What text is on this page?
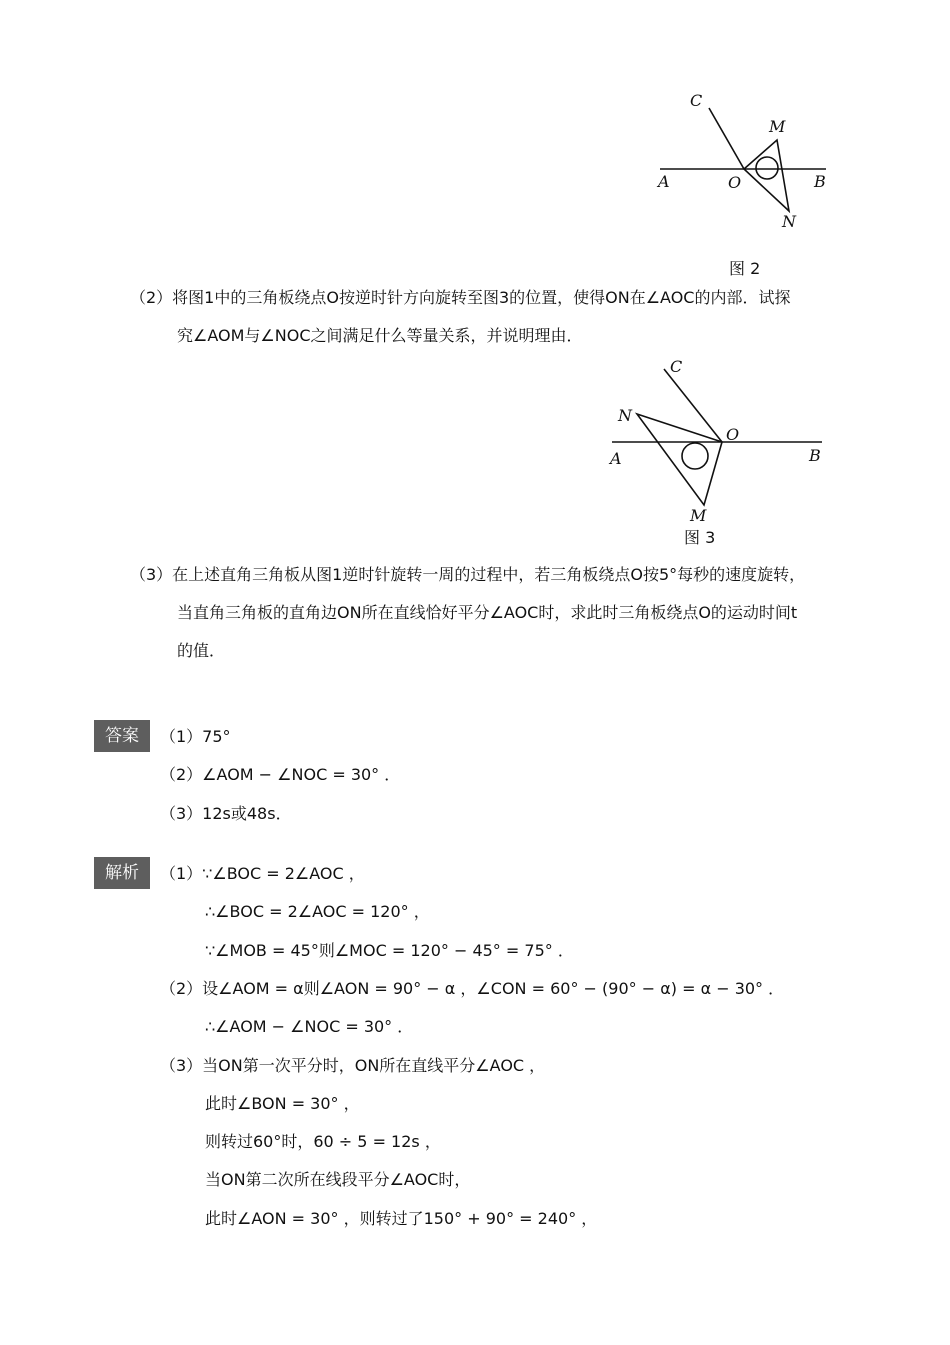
C
M
A	O	B
N
图 2
（2）将图1中的三角板绕点O按逆时针方向旋转至图3的位置，使得ON在∠AOC的内部．试探
究∠AOM与∠NOC之间满足什么等量关系，并说明理由．
C
N
O
A	B
M
图 3
（3）在上述直角三角板从图1逆时针旋转一周的过程中，若三角板绕点O按5°每秒的速度旋转，
当直角三角板的直角边ON所在直线恰好平分∠AOC时，求此时三角板绕点O的运动时间t
的值．
答案	（1）75°
（2）∠AOM − ∠NOC = 30° ．
（3）12s或48s．
解析	（1）∵∠BOC = 2∠AOC ，
∴∠BOC = 2∠AOC = 120° ，
∵∠MOB = 45°则∠MOC = 120° − 45° = 75° ．
（2）设∠AOM = α则∠AON = 90° − α ，∠CON = 60° − (90° − α) = α − 30° ．
∴∠AOM − ∠NOC = 30° ．
（3）当ON第一次平分时，ON所在直线平分∠AOC ，
此时∠BON = 30° ，
则转过60°时，60 ÷ 5 = 12s ，
当ON第二次所在线段平分∠AOC时，
此时∠AON = 30° ，则转过了150° + 90° = 240° ，
